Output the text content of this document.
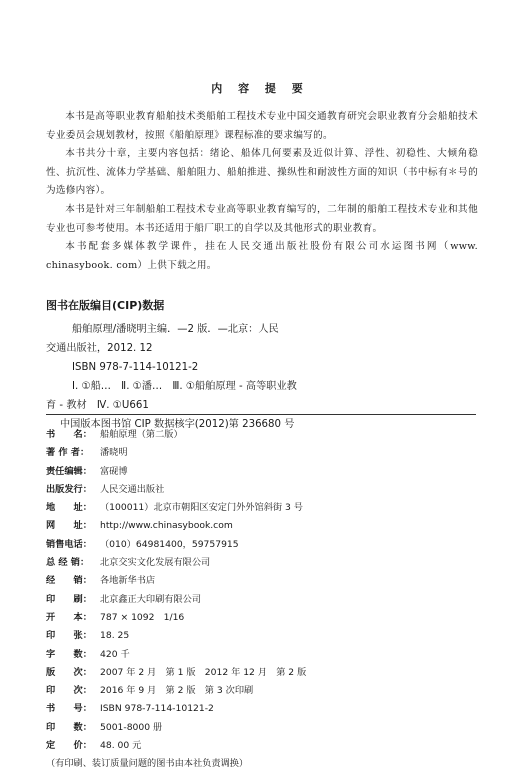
内 容 提 要

本书是高等职业教育船舶技术类船舶工程技术专业中国交通教育研究会职业教育分会船舶技术专业委员会规划教材，按照《船舶原理》课程标准的要求编写的。

本书共分十章，主要内容包括：绪论、船体几何要素及近似计算、浮性、初稳性、大倾角稳性、抗沉性、流体力学基础、船舶阻力、船舶推进、操纵性和耐波性方面的知识（书中标有＊号的为选修内容）。

本书是针对三年制船舶工程技术专业高等职业教育编写的，二年制的船舶工程技术专业和其他专业也可参考使用。本书还适用于船厂职工的自学以及其他形式的职业教育。

本书配套多媒体教学课件，挂在人民交通出版社股份有限公司水运图书网（www. chinasybook. com）上供下载之用。

图书在版编目(CIP)数据
船舶原理/潘晓明主编．—2 版．—北京：人民
交通出版社，2012. 12
ISBN 978-7-114-10121-2
Ⅰ. ①船…　Ⅱ. ①潘…　Ⅲ. ①船舶原理 - 高等职业教
育 - 教材　Ⅳ. ①U661
中国版本图书馆 CIP 数据核字(2012)第 236680 号
书　　名： 船舶原理（第二版）
著 作 者： 潘晓明
责任编辑： 富砚博
出版发行： 人民交通出版社
地　　址： （100011）北京市朝阳区安定门外外馆斜街 3 号
网　　址： http://www.chinasybook.com
销售电话： （010）64981400，59757915
总 经 销： 北京交实文化发展有限公司
经　　销： 各地新华书店
印　　刷： 北京鑫正大印刷有限公司
开　　本： 787 × 1092　1/16
印　　张： 18. 25
字　　数： 420 千
版　　次： 2007 年 2 月　第 1 版　2012 年 12 月　第 2 版
印　　次： 2016 年 9 月　第 2 版　第 3 次印刷
书　　号： ISBN 978-7-114-10121-2
印　　数： 5001-8000 册
定　　价： 48. 00 元
（有印刷、装订质量问题的图书由本社负责调换）
